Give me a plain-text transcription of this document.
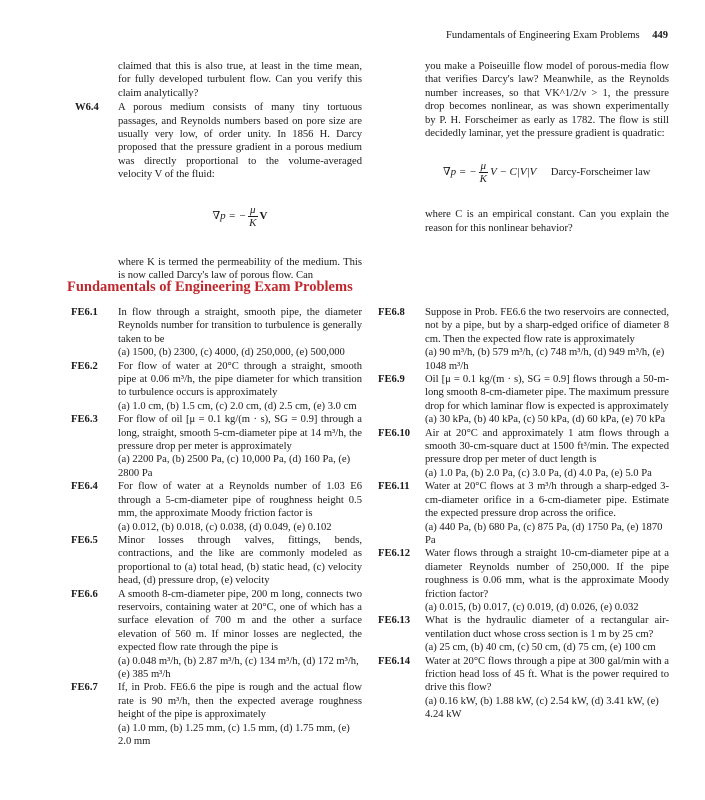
Fundamentals of Engineering Exam Problems 449

claimed that this is also true, at least in the time mean, for fully developed turbulent flow. Can you verify this claim analytically?

W6.4 A porous medium consists of many tiny tortuous passages, and Reynolds numbers based on pore size are usually very low, of order unity. In 1856 H. Darcy proposed that the pressure gradient in a porous medium was directly proportional to the volume-averaged velocity V of the fluid:
∇p = − $\frac{\mu}{K}$ V

where K is termed the permeability of the medium. This is now called Darcy's law of porous flow. Can

you make a Poiseuille flow model of porous-media flow that verifies Darcy's law? Meanwhile, as the Reynolds number increases, so that VK^1/2/ν > 1, the pressure drop becomes nonlinear, as was shown experimentally by P. H. Forscheimer as early as 1782. The flow is still decidedly laminar, yet the pressure gradient is quadratic:

∇p = − $\frac{\mu}{K}$ V − C|V|V Darcy-Forscheimer law

where C is an empirical constant. Can you explain the reason for this nonlinear behavior?

Fundamentals of Engineering Exam Problems
FE6.1 In flow through a straight, smooth pipe, the diameter Reynolds number for transition to turbulence is generally taken to be
(a) 1500, (b) 2300, (c) 4000, (d) 250,000, (e) 500,000
FE6.2 For flow of water at 20°C through a straight, smooth pipe at 0.06 m³/h, the pipe diameter for which transition to turbulence occurs is approximately
(a) 1.0 cm, (b) 1.5 cm, (c) 2.0 cm, (d) 2.5 cm, (e) 3.0 cm
FE6.3 For flow of oil [μ = 0.1 kg/(m · s), SG = 0.9] through a long, straight, smooth 5-cm-diameter pipe at 14 m³/h, the pressure drop per meter is approximately
(a) 2200 Pa, (b) 2500 Pa, (c) 10,000 Pa, (d) 160 Pa, (e) 2800 Pa
FE6.4 For flow of water at a Reynolds number of 1.03 E6 through a 5-cm-diameter pipe of roughness height 0.5 mm, the approximate Moody friction factor is
(a) 0.012, (b) 0.018, (c) 0.038, (d) 0.049, (e) 0.102
FE6.5 Minor losses through valves, fittings, bends, contractions, and the like are commonly modeled as proportional to (a) total head, (b) static head, (c) velocity head, (d) pressure drop, (e) velocity
FE6.6 A smooth 8-cm-diameter pipe, 200 m long, connects two reservoirs, containing water at 20°C, one of which has a surface elevation of 700 m and the other a surface elevation of 560 m. If minor losses are neglected, the expected flow rate through the pipe is
(a) 0.048 m³/h, (b) 2.87 m³/h, (c) 134 m³/h, (d) 172 m³/h, (e) 385 m³/h
FE6.7 If, in Prob. FE6.6 the pipe is rough and the actual flow rate is 90 m³/h, then the expected average roughness height of the pipe is approximately
(a) 1.0 mm, (b) 1.25 mm, (c) 1.5 mm, (d) 1.75 mm, (e) 2.0 mm
FE6.8 Suppose in Prob. FE6.6 the two reservoirs are connected, not by a pipe, but by a sharp-edged orifice of diameter 8 cm. Then the expected flow rate is approximately
(a) 90 m³/h, (b) 579 m³/h, (c) 748 m³/h, (d) 949 m³/h, (e) 1048 m³/h
FE6.9 Oil [μ = 0.1 kg/(m · s), SG = 0.9] flows through a 50-m-long smooth 8-cm-diameter pipe. The maximum pressure drop for which laminar flow is expected is approximately
(a) 30 kPa, (b) 40 kPa, (c) 50 kPa, (d) 60 kPa, (e) 70 kPa
FE6.10 Air at 20°C and approximately 1 atm flows through a smooth 30-cm-square duct at 1500 ft³/min. The expected pressure drop per meter of duct length is
(a) 1.0 Pa, (b) 2.0 Pa, (c) 3.0 Pa, (d) 4.0 Pa, (e) 5.0 Pa
FE6.11 Water at 20°C flows at 3 m³/h through a sharp-edged 3-cm-diameter orifice in a 6-cm-diameter pipe. Estimate the expected pressure drop across the orifice.
(a) 440 Pa, (b) 680 Pa, (c) 875 Pa, (d) 1750 Pa, (e) 1870 Pa
FE6.12 Water flows through a straight 10-cm-diameter pipe at a diameter Reynolds number of 250,000. If the pipe roughness is 0.06 mm, what is the approximate Moody friction factor?
(a) 0.015, (b) 0.017, (c) 0.019, (d) 0.026, (e) 0.032
FE6.13 What is the hydraulic diameter of a rectangular air-ventilation duct whose cross section is 1 m by 25 cm?
(a) 25 cm, (b) 40 cm, (c) 50 cm, (d) 75 cm, (e) 100 cm
FE6.14 Water at 20°C flows through a pipe at 300 gal/min with a friction head loss of 45 ft. What is the power required to drive this flow?
(a) 0.16 kW, (b) 1.88 kW, (c) 2.54 kW, (d) 3.41 kW, (e) 4.24 kW
